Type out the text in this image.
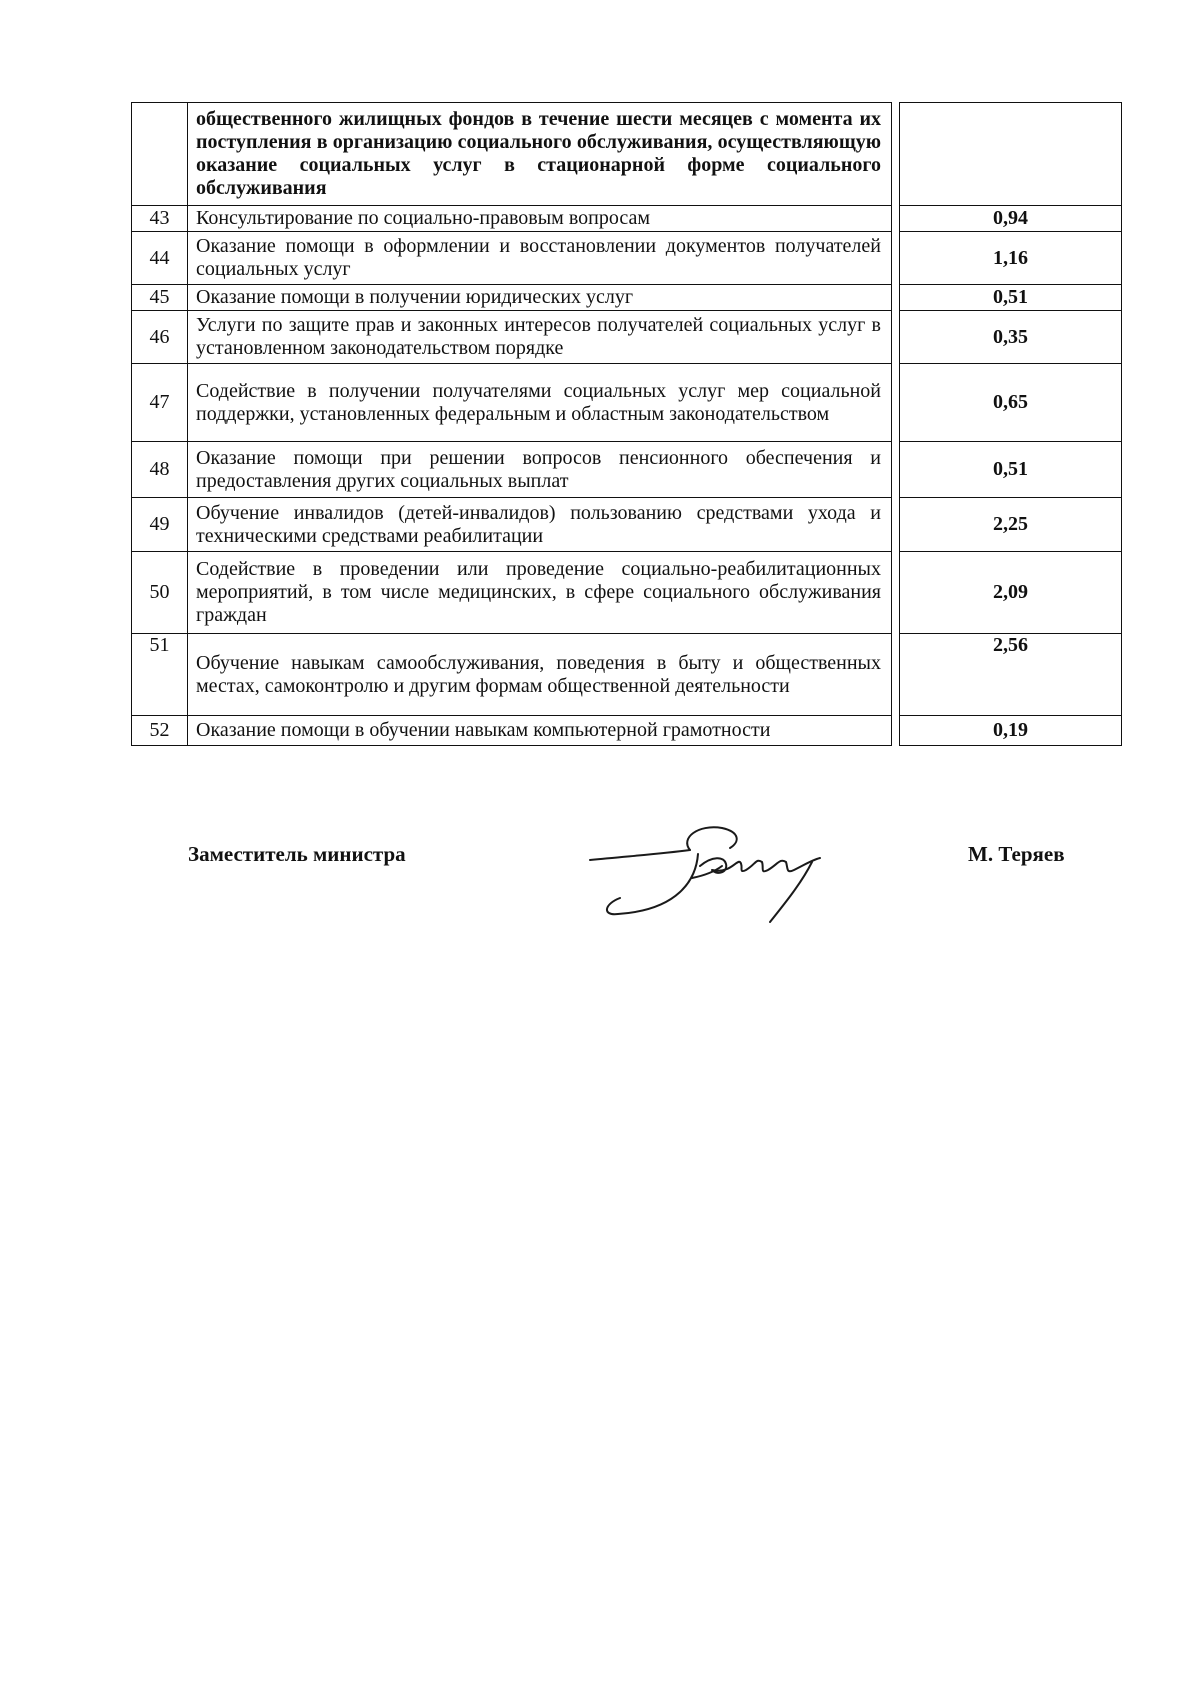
	общественного жилищных фондов в течение шести месяцев с момента их поступления в организацию социального обслуживания, осуществляющую оказание социальных услуг в стационарной форме социального обслуживания		
43	Консультирование по социально-правовым вопросам		0,94
44	Оказание помощи в оформлении и восстановлении документов получателей социальных услуг		1,16
45	Оказание помощи в получении юридических услуг		0,51
46	Услуги по защите прав и законных интересов получателей социальных услуг в установленном законодательством порядке		0,35
47	Содействие в получении получателями социальных услуг мер социальной поддержки, установленных федеральным и областным законодательством		0,65
48	Оказание помощи при решении вопросов пенсионного обеспечения и предоставления других социальных выплат		0,51
49	Обучение инвалидов (детей-инвалидов) пользованию средствами ухода и техническими средствами реабилитации		2,25
50	Содействие в проведении или проведение социально-реабилитационных мероприятий, в том числе медицинских, в сфере социального обслуживания граждан		2,09
51	Обучение навыкам самообслуживания, поведения в быту и общественных местах, самоконтролю и другим формам общественной деятельности		2,56
52	Оказание помощи в обучении навыкам компьютерной грамотности		0,19
Заместитель министра	М. Теряев
